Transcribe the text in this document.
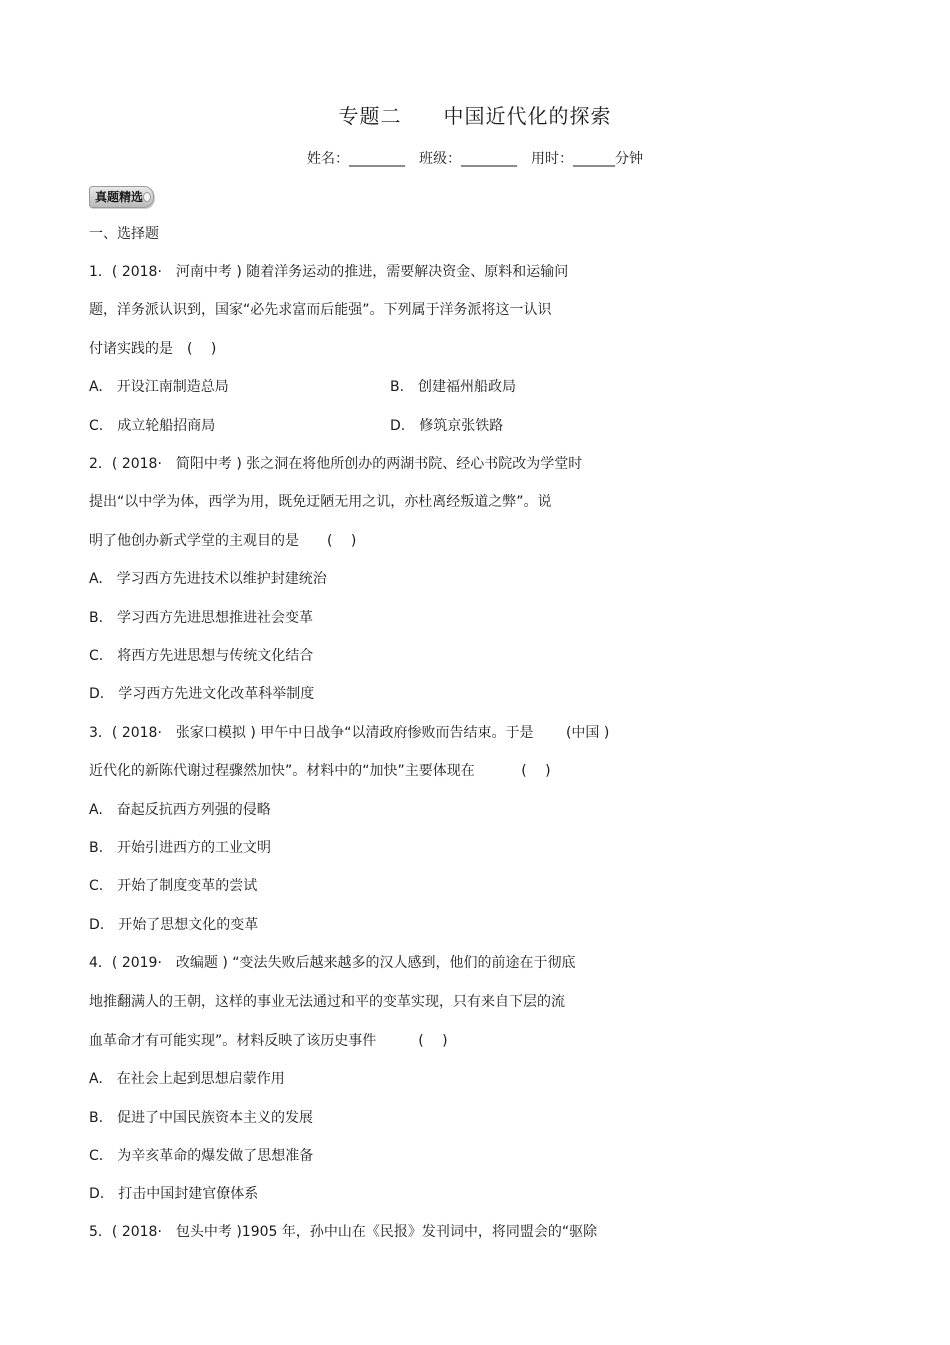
专题二　　中国近代化的探索
姓名：________　班级：________　用时：______分钟
真题精选
一、选择题
1．( 2018·　河南中考 ) 随着洋务运动的推进，需要解决资金、原料和运输问
题，洋务派认识到，国家“必先求富而后能强”。下列属于洋务派将这一认识
付诸实践的是　(　 )
A.　开设江南制造总局	B.　创建福州船政局
C.　成立轮船招商局	D.　修筑京张铁路
2．( 2018·　简阳中考 ) 张之洞在将他所创办的两湖书院、经心书院改为学堂时
提出“以中学为体，西学为用，既免迂陋无用之讥，亦杜离经叛道之弊”。说
明了他创办新式学堂的主观目的是　　(　 )
A.　学习西方先进技术以维护封建统治
B.　学习西方先进思想推进社会变革
C.　将西方先进思想与传统文化结合
D.　学习西方先进文化改革科举制度
3．( 2018·　张家口模拟 ) 甲午中日战争“以清政府惨败而告结束。于是　　 (中国 )
近代化的新陈代谢过程骤然加快”。材料中的“加快”主要体现在　　　 (　 )
A.　奋起反抗西方列强的侵略
B.　开始引进西方的工业文明
C.　开始了制度变革的尝试
D.　开始了思想文化的变革
4．( 2019·　改编题 ) “变法失败后越来越多的汉人感到，他们的前途在于彻底
地推翻满人的王朝，这样的事业无法通过和平的变革实现，只有来自下层的流
血革命才有可能实现”。材料反映了该历史事件　　　(　 )
A.　在社会上起到思想启蒙作用
B.　促进了中国民族资本主义的发展
C.　为辛亥革命的爆发做了思想准备
D.　打击中国封建官僚体系
5．( 2018·　包头中考 )1905 年，孙中山在《民报》发刊词中，将同盟会的“驱除
